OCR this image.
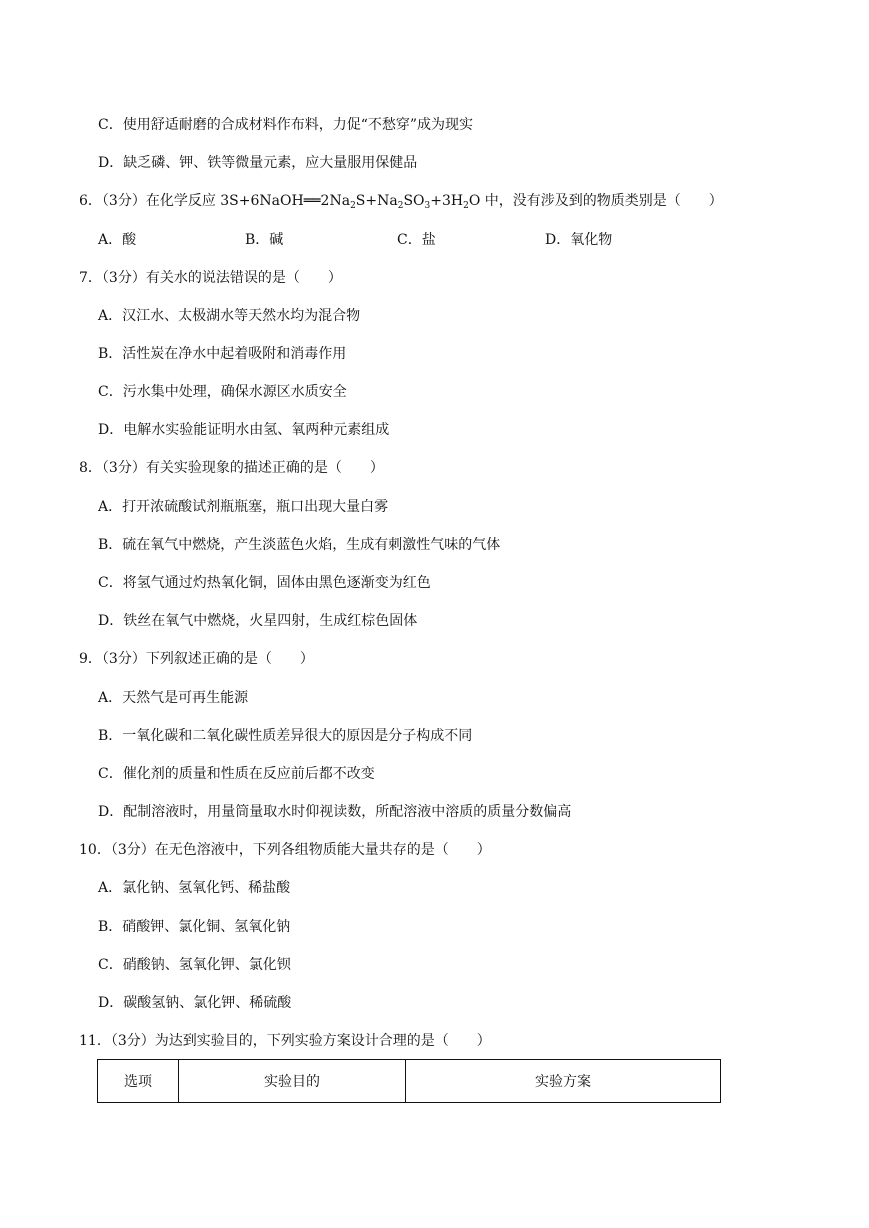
C．使用舒适耐磨的合成材料作布料，力促“不愁穿”成为现实
D．缺乏磷、钾、铁等微量元素，应大量服用保健品
6．（3分）在化学反应 $3S+6NaOH══2Na_2S+Na_2SO_3+3H_2O$ 中，没有涉及到的物质类别是（　　）
A．酸	B．碱	C．盐	D．氧化物
7．（3分）有关水的说法错误的是（　　）
A．汉江水、太极湖水等天然水均为混合物
B．活性炭在净水中起着吸附和消毒作用
C．污水集中处理，确保水源区水质安全
D．电解水实验能证明水由氢、氧两种元素组成
8．（3分）有关实验现象的描述正确的是（　　）
A．打开浓硫酸试剂瓶瓶塞，瓶口出现大量白雾
B．硫在氧气中燃烧，产生淡蓝色火焰，生成有刺激性气味的气体
C．将氢气通过灼热氧化铜，固体由黑色逐渐变为红色
D．铁丝在氧气中燃烧，火星四射，生成红棕色固体
9．（3分）下列叙述正确的是（　　）
A．天然气是可再生能源
B．一氧化碳和二氧化碳性质差异很大的原因是分子构成不同
C．催化剂的质量和性质在反应前后都不改变
D．配制溶液时，用量筒量取水时仰视读数，所配溶液中溶质的质量分数偏高
10．（3分）在无色溶液中，下列各组物质能大量共存的是（　　）
A．氯化钠、氢氧化钙、稀盐酸
B．硝酸钾、氯化铜、氢氧化钠
C．硝酸钠、氢氧化钾、氯化钡
D．碳酸氢钠、氯化钾、稀硫酸
11．（3分）为达到实验目的，下列实验方案设计合理的是（　　）
选项	实验目的	实验方案
